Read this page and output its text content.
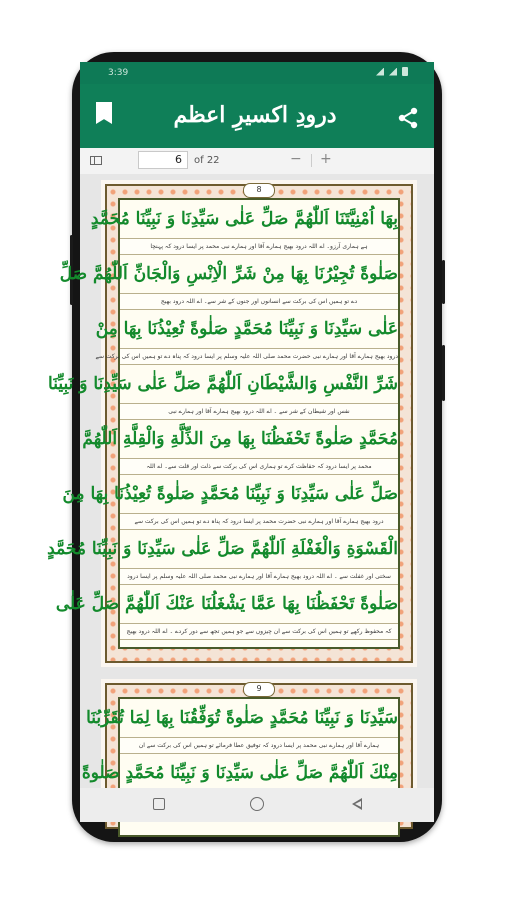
3:39
درودِ اکسیرِ اعظم
6	of 22	− +
8
بِهَا اُمْنِيَّتَنَا اَللّٰهُمَّ صَلِّ عَلٰى سَيِّدِنَا وَ نَبِيِّنَا مُحَمَّدٍ
ہے ہماری آرزو۔ اے اللہ درود بھیج ہمارے آقا اور ہمارے نبی محمد پر ایسا درود کہ پہنچا
صَلٰوةً تُجِيْرُنَا بِهَا مِنْ شَرِّ الْاِنْسِ وَالْجَانِّ اَللّٰهُمَّ صَلِّ
دے تو ہمیں اس کی برکت سے انسانوں اور جنوں کے شر سے۔ اے اللہ درود بھیج
عَلٰى سَيِّدِنَا وَ نَبِيِّنَا مُحَمَّدٍ صَلٰوةً تُعِيْذُنَا بِهَا مِنْ
درود بھیج ہمارے آقا اور ہمارے نبی حضرت محمد صلی اللہ علیہ وسلم پر ایسا درود کہ پناہ دے تو ہمیں اس کی برکت سے
شَرِّ النَّفْسِ وَالشَّيْطَانِ اَللّٰهُمَّ صَلِّ عَلٰى سَيِّدِنَا وَ نَبِيِّنَا
نفس اور شیطان کے شر سے ۔ اے اللہ درود بھیج ہمارے آقا اور ہمارے نبی
مُحَمَّدٍ صَلٰوةً تَحْفَظُنَا بِهَا مِنَ الذِّلَّةِ وَالْقِلَّةِ اَللّٰهُمَّ
محمد پر ایسا درود کہ حفاظت کرے تو ہماری اس کی برکت سے ذلت اور قلت سے۔ اے اللہ
صَلِّ عَلٰى سَيِّدِنَا وَ نَبِيِّنَا مُحَمَّدٍ صَلٰوةً تُعِيْذُنَا بِهَا مِنَ
درود بھیج ہمارے آقا اور ہمارے نبی حضرت محمد پر ایسا درود کہ پناہ دے تو ہمیں اس کی برکت سے
الْقَسْوَةِ وَالْغَفْلَةِ اَللّٰهُمَّ صَلِّ عَلٰى سَيِّدِنَا وَ نَبِيِّنَا مُحَمَّدٍ
سختی اور غفلت سے ۔ اے اللہ درود بھیج ہمارے آقا اور ہمارے نبی محمد صلی اللہ علیہ وسلم پر ایسا درود
صَلٰوةً تَحْفَظُنَا بِهَا عَمَّا يَشْغَلُنَا عَنْكَ اَللّٰهُمَّ صَلِّ عَلٰى
کہ محفوظ رکھے تو ہمیں اس کی برکت سے ان چیزوں سے جو ہمیں تجھ سے دور کردے ۔ اے اللہ درود بھیج
9
سَيِّدِنَا وَ نَبِيِّنَا مُحَمَّدٍ صَلٰوةً تُوَفِّقُنَا بِهَا لِمَا تُقَرِّبُنَا
ہمارے آقا اور ہمارے نبی محمد پر ایسا درود کہ توفیق عطا فرمائے تو ہمیں اس کی برکت سے ان
مِنْكَ اَللّٰهُمَّ صَلِّ عَلٰى سَيِّدِنَا وَ نَبِيِّنَا مُحَمَّدٍ صَلٰوةً
